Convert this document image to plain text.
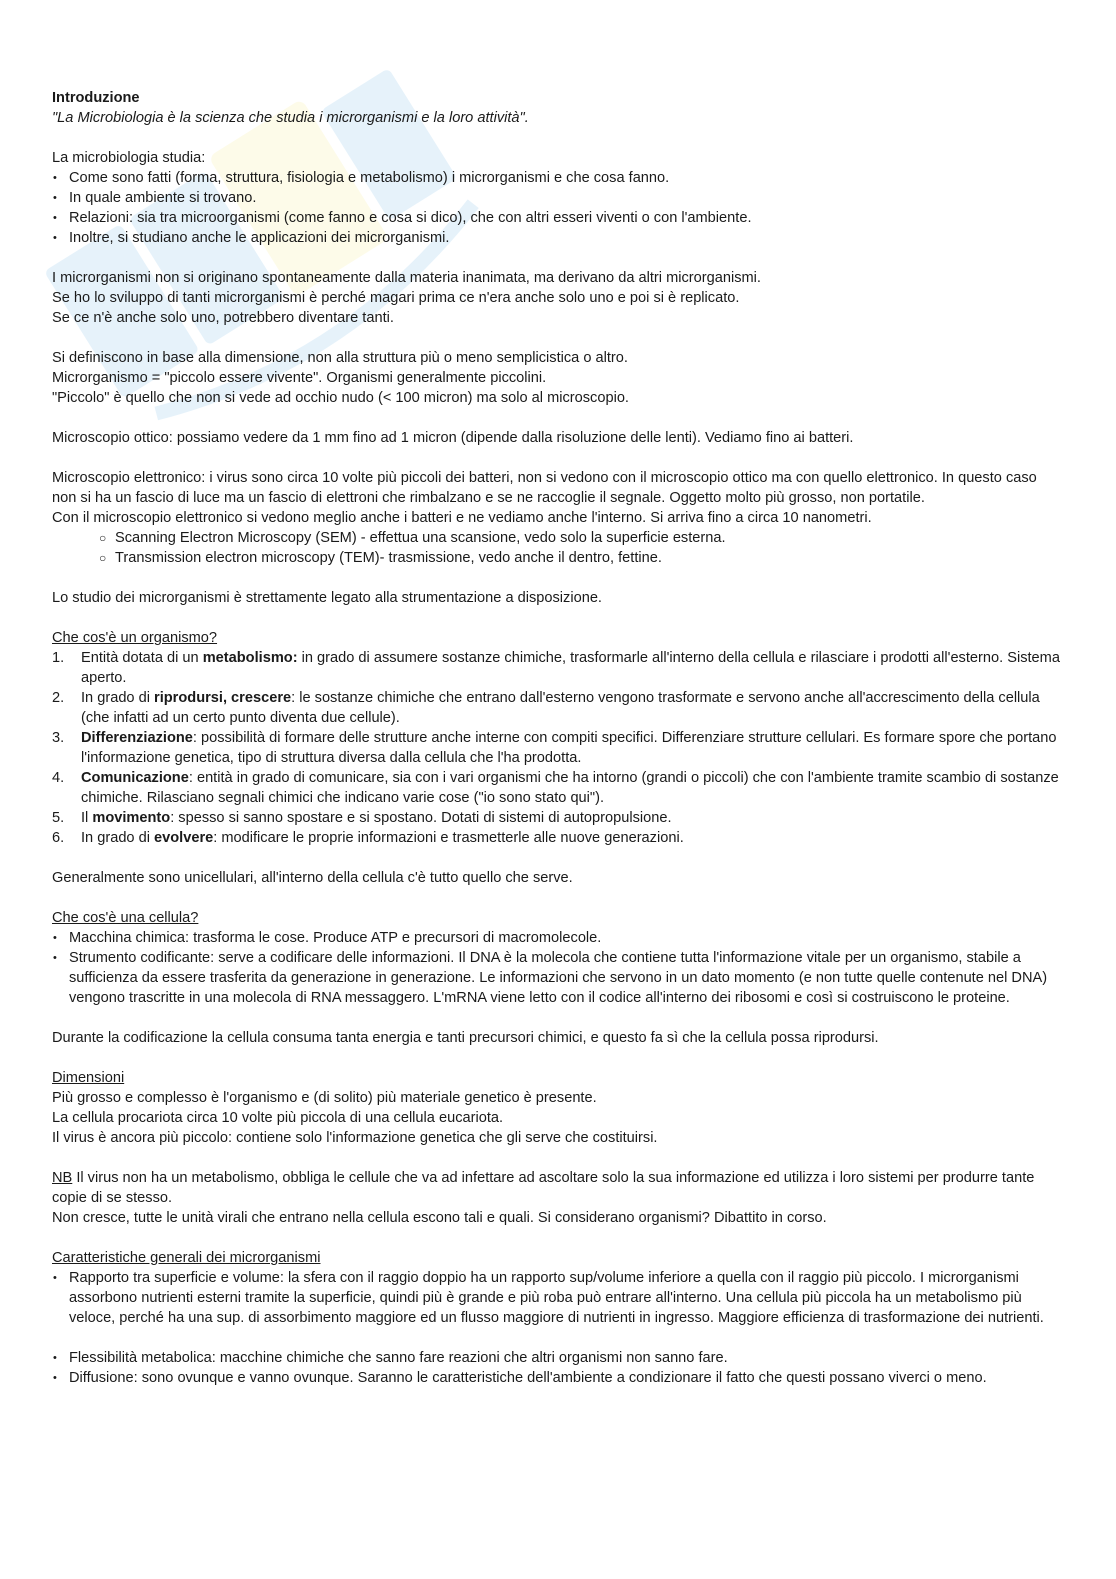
Introduzione

"La Microbiologia è la scienza che studia i microrganismi e la loro attività".

La microbiologia studia:

• Come sono fatti (forma, struttura, fisiologia e metabolismo) i microrganismi e che cosa fanno.
• In quale ambiente si trovano.
• Relazioni: sia tra microorganismi (come fanno e cosa si dico), che con altri esseri viventi o con l'ambiente.
• Inoltre, si studiano anche le applicazioni dei microrganismi.

I microrganismi non si originano spontaneamente dalla materia inanimata, ma derivano da altri microrganismi.

Se ho lo sviluppo di tanti microrganismi è perché magari prima ce n'era anche solo uno e poi si è replicato.

Se ce n'è anche solo uno, potrebbero diventare tanti.

Si definiscono in base alla dimensione, non alla struttura più o meno semplicistica o altro.

Microrganismo = "piccolo essere vivente". Organismi generalmente piccolini.

"Piccolo" è quello che non si vede ad occhio nudo (< 100 micron) ma solo al microscopio.

Microscopio ottico: possiamo vedere da 1 mm fino ad 1 micron (dipende dalla risoluzione delle lenti). Vediamo fino ai batteri.

Microscopio elettronico: i virus sono circa 10 volte più piccoli dei batteri, non si vedono con il microscopio ottico ma con quello elettronico. In questo caso non si ha un fascio di luce ma un fascio di elettroni che rimbalzano e se ne raccoglie il segnale. Oggetto molto più grosso, non portatile.

Con il microscopio elettronico si vedono meglio anche i batteri e ne vediamo anche l'interno. Si arriva fino a circa 10 nanometri.

○ Scanning Electron Microscopy (SEM) - effettua una scansione, vedo solo la superficie esterna.
○ Transmission electron microscopy (TEM)- trasmissione, vedo anche il dentro, fettine.

Lo studio dei microrganismi è strettamente legato alla strumentazione a disposizione.

Che cos'è un organismo?

1. Entità dotata di un metabolismo: in grado di assumere sostanze chimiche, trasformarle all'interno della cellula e rilasciare i prodotti all'esterno. Sistema aperto.
2. In grado di riprodursi, crescere: le sostanze chimiche che entrano dall'esterno vengono trasformate e servono anche all'accrescimento della cellula (che infatti ad un certo punto diventa due cellule).
3. Differenziazione: possibilità di formare delle strutture anche interne con compiti specifici. Differenziare strutture cellulari. Es formare spore che portano l'informazione genetica, tipo di struttura diversa dalla cellula che l'ha prodotta.
4. Comunicazione: entità in grado di comunicare, sia con i vari organismi che ha intorno (grandi o piccoli) che con l'ambiente tramite scambio di sostanze chimiche. Rilasciano segnali chimici che indicano varie cose ("io sono stato qui").
5. Il movimento: spesso si sanno spostare e si spostano. Dotati di sistemi di autopropulsione.
6. In grado di evolvere: modificare le proprie informazioni e trasmetterle alle nuove generazioni.

Generalmente sono unicellulari, all'interno della cellula c'è tutto quello che serve.

Che cos'è una cellula?

• Macchina chimica: trasforma le cose. Produce ATP e precursori di macromolecole.
• Strumento codificante: serve a codificare delle informazioni. Il DNA è la molecola che contiene tutta l'informazione vitale per un organismo, stabile a sufficienza da essere trasferita da generazione in generazione. Le informazioni che servono in un dato momento (e non tutte quelle contenute nel DNA) vengono trascritte in una molecola di RNA messaggero. L'mRNA viene letto con il codice all'interno dei ribosomi e così si costruiscono le proteine.

Durante la codificazione la cellula consuma tanta energia e tanti precursori chimici, e questo fa sì che la cellula possa riprodursi.

Dimensioni

Più grosso e complesso è l'organismo e (di solito) più materiale genetico è presente.

La cellula procariota circa 10 volte più piccola di una cellula eucariota.

Il virus è ancora più piccolo: contiene solo l'informazione genetica che gli serve che costituirsi.

NB Il virus non ha un metabolismo, obbliga le cellule che va ad infettare ad ascoltare solo la sua informazione ed utilizza i loro sistemi per produrre tante copie di se stesso.

Non cresce, tutte le unità virali che entrano nella cellula escono tali e quali. Si considerano organismi? Dibattito in corso.

Caratteristiche generali dei microrganismi

• Rapporto tra superficie e volume: la sfera con il raggio doppio ha un rapporto sup/volume inferiore a quella con il raggio più piccolo. I microrganismi assorbono nutrienti esterni tramite la superficie, quindi più è grande e più roba può entrare all'interno. Una cellula più piccola ha un metabolismo più veloce, perché ha una sup. di assorbimento maggiore ed un flusso maggiore di nutrienti in ingresso. Maggiore efficienza di trasformazione dei nutrienti.
• Flessibilità metabolica: macchine chimiche che sanno fare reazioni che altri organismi non sanno fare.
• Diffusione: sono ovunque e vanno ovunque. Saranno le caratteristiche dell'ambiente a condizionare il fatto che questi possano viverci o meno.
